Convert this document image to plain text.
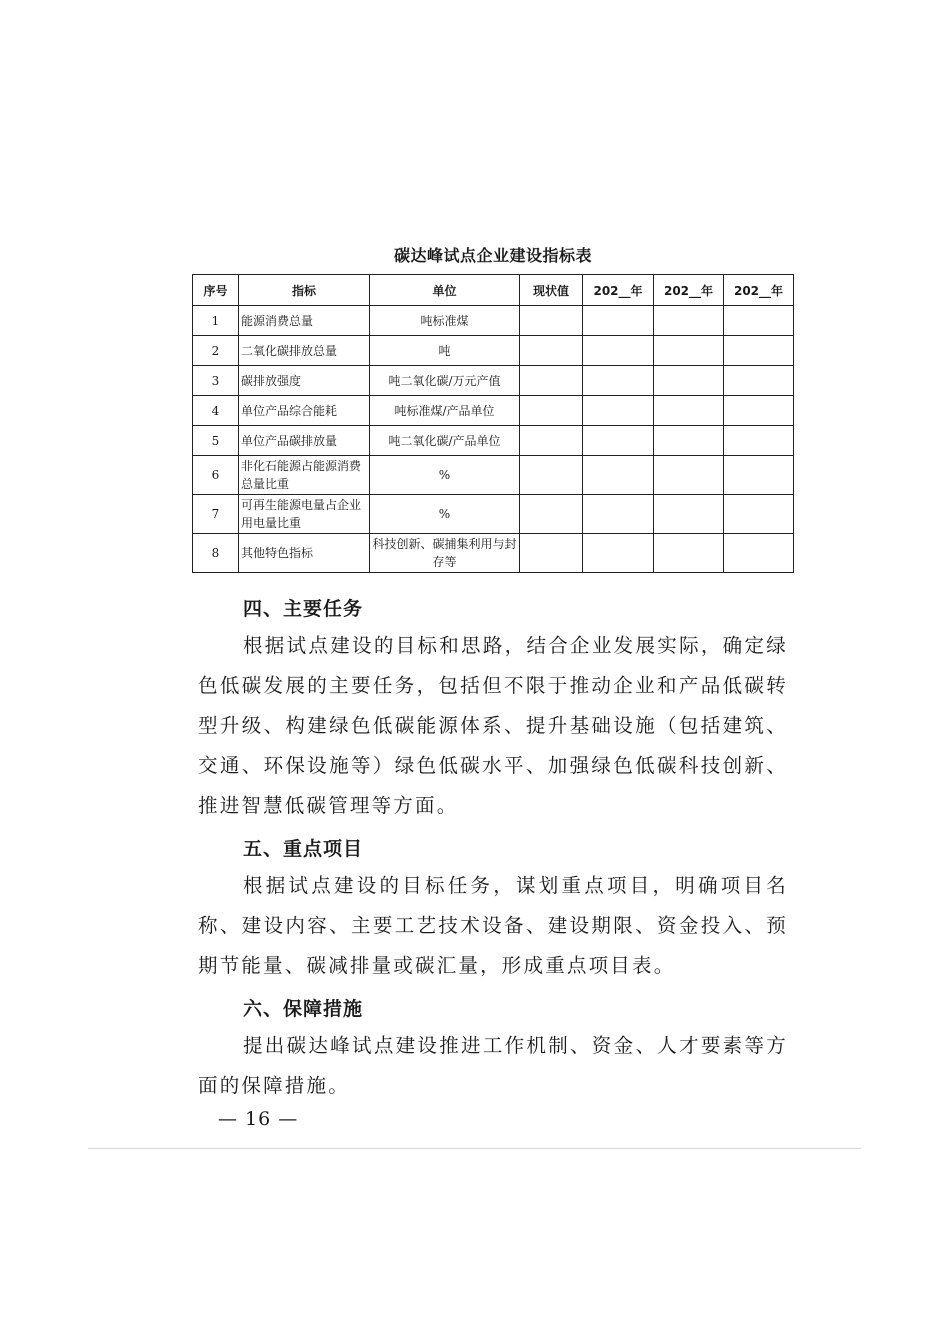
碳达峰试点企业建设指标表
序号	指标	单位	现状值	202__年	202__年	202__年
1	能源消费总量	吨标准煤				
2	二氧化碳排放总量	吨				
3	碳排放强度	吨二氧化碳/万元产值				
4	单位产品综合能耗	吨标准煤/产品单位				
5	单位产品碳排放量	吨二氧化碳/产品单位				
6	非化石能源占能源消费总量比重	%				
7	可再生能源电量占企业用电量比重	%				
8	其他特色指标	科技创新、碳捕集利用与封存等				
四、主要任务

根据试点建设的目标和思路，结合企业发展实际，确定绿色低碳发展的主要任务，包括但不限于推动企业和产品低碳转型升级、构建绿色低碳能源体系、提升基础设施（包括建筑、交通、环保设施等）绿色低碳水平、加强绿色低碳科技创新、推进智慧低碳管理等方面。

五、重点项目

根据试点建设的目标任务，谋划重点项目，明确项目名称、建设内容、主要工艺技术设备、建设期限、资金投入、预期节能量、碳减排量或碳汇量，形成重点项目表。

六、保障措施

提出碳达峰试点建设推进工作机制、资金、人才要素等方面的保障措施。

— 16 —
